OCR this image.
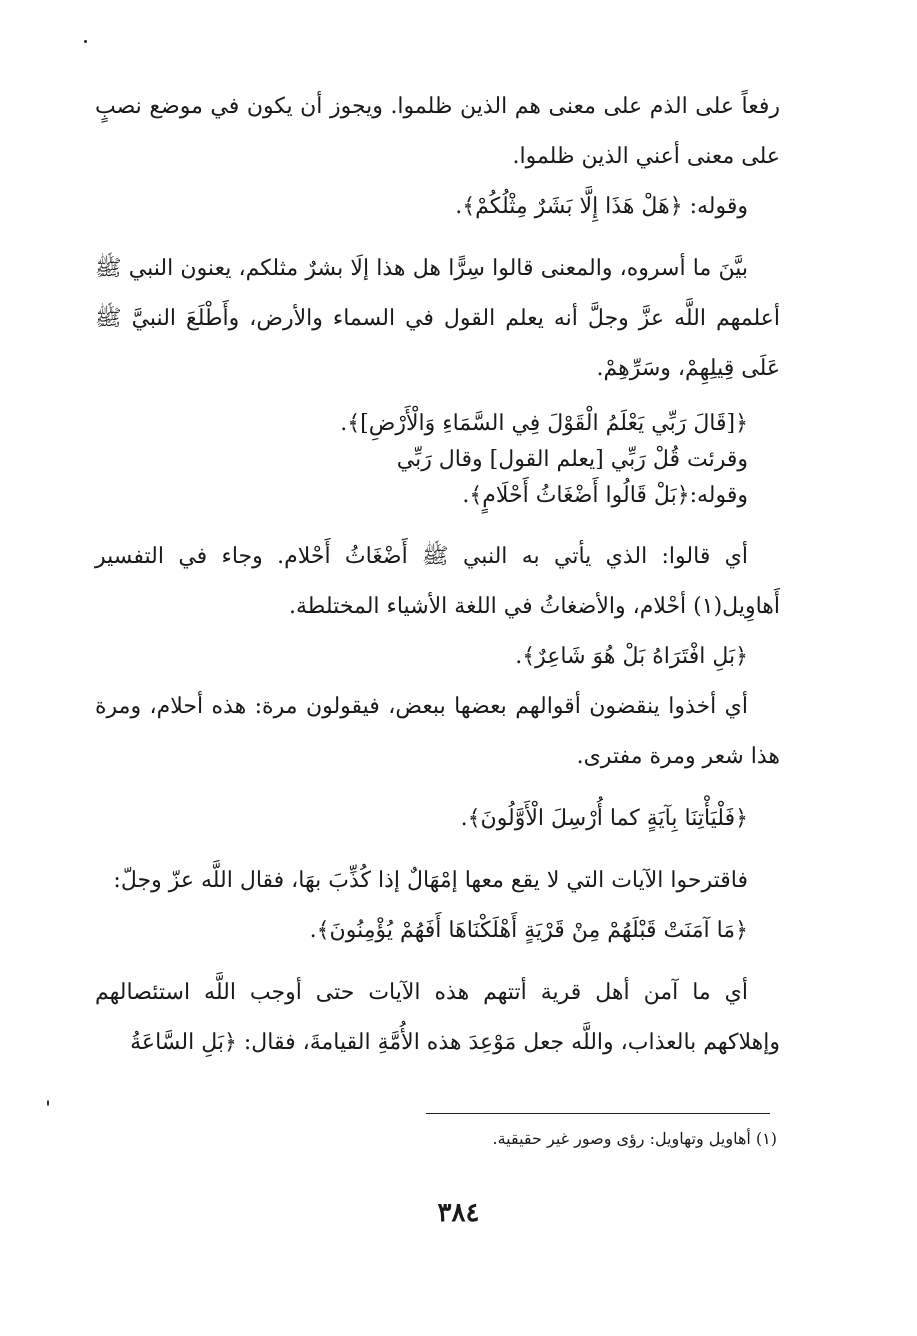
رفعاً على الذم على معنى هم الذين ظلموا. ويجوز أن يكون في موضع نصبٍ على معنى أعني الذين ظلموا.

وقوله: ﴿هَلْ هَذَا إِلَّا بَشَرٌ مِثْلُكُمْ﴾.

بيَّنَ ما أسروه، والمعنى قالوا سِرًّا هل هذا إلَا بشرٌ مثلكم، يعنون النبي ﷺ أعلمهم اللَّه عزَّ وجلَّ أنه يعلم القول في السماء والأرض، وأَطْلَعَ النبيَّ ﷺ عَلَى قِيلِهِمْ، وسَرِّهِمْ.

﴿[قَالَ رَبِّي يَعْلَمُ الْقَوْلَ فِي السَّمَاءِ وَالْأَرْضِ]﴾.

وقرئت قُلْ رَبِّي [يعلم القول] وقال رَبِّي

وقوله:﴿بَلْ قَالُوا أَضْغَاثُ أَحْلَامٍ﴾.

أي قالوا: الذي يأتي به النبي ﷺ أَضْغَاثُ أَحْلام. وجاء في التفسير أَهاوِيل(١) أحْلام، والأضغاثُ في اللغة الأشياء المختلطة.

﴿بَلِ افْتَرَاهُ بَلْ هُوَ شَاعِرٌ﴾.

أي أخذوا ينقضون أقوالهم بعضها ببعض، فيقولون مرة: هذه أحلام، ومرة هذا شعر ومرة مفترى.

﴿فَلْيَأْتِنَا بِآيَةٍ كما أُرْسِلَ الْأَوَّلُونَ﴾.

فاقترحوا الآيات التي لا يقع معها إمْهَالٌ إذا كُذِّبَ بهَا، فقال اللَّه عزّ وجلّ:

﴿مَا آمَنَتْ قَبْلَهُمْ مِنْ قَرْيَةٍ أَهْلَكْنَاهَا أَفَهُمْ يُؤْمِنُونَ﴾.

أي ما آمن أهل قرية أتتهم هذه الآيات حتى أوجب اللَّه استئصالهم وإهلاكهم بالعذاب، واللَّه جعل مَوْعِدَ هذه الأُمَّةِ القيامةَ، فقال: ﴿بَلِ السَّاعَةُ

(١) أهاويل وتهاويل: رؤى وصور غير حقيقية.
٣٨٤
